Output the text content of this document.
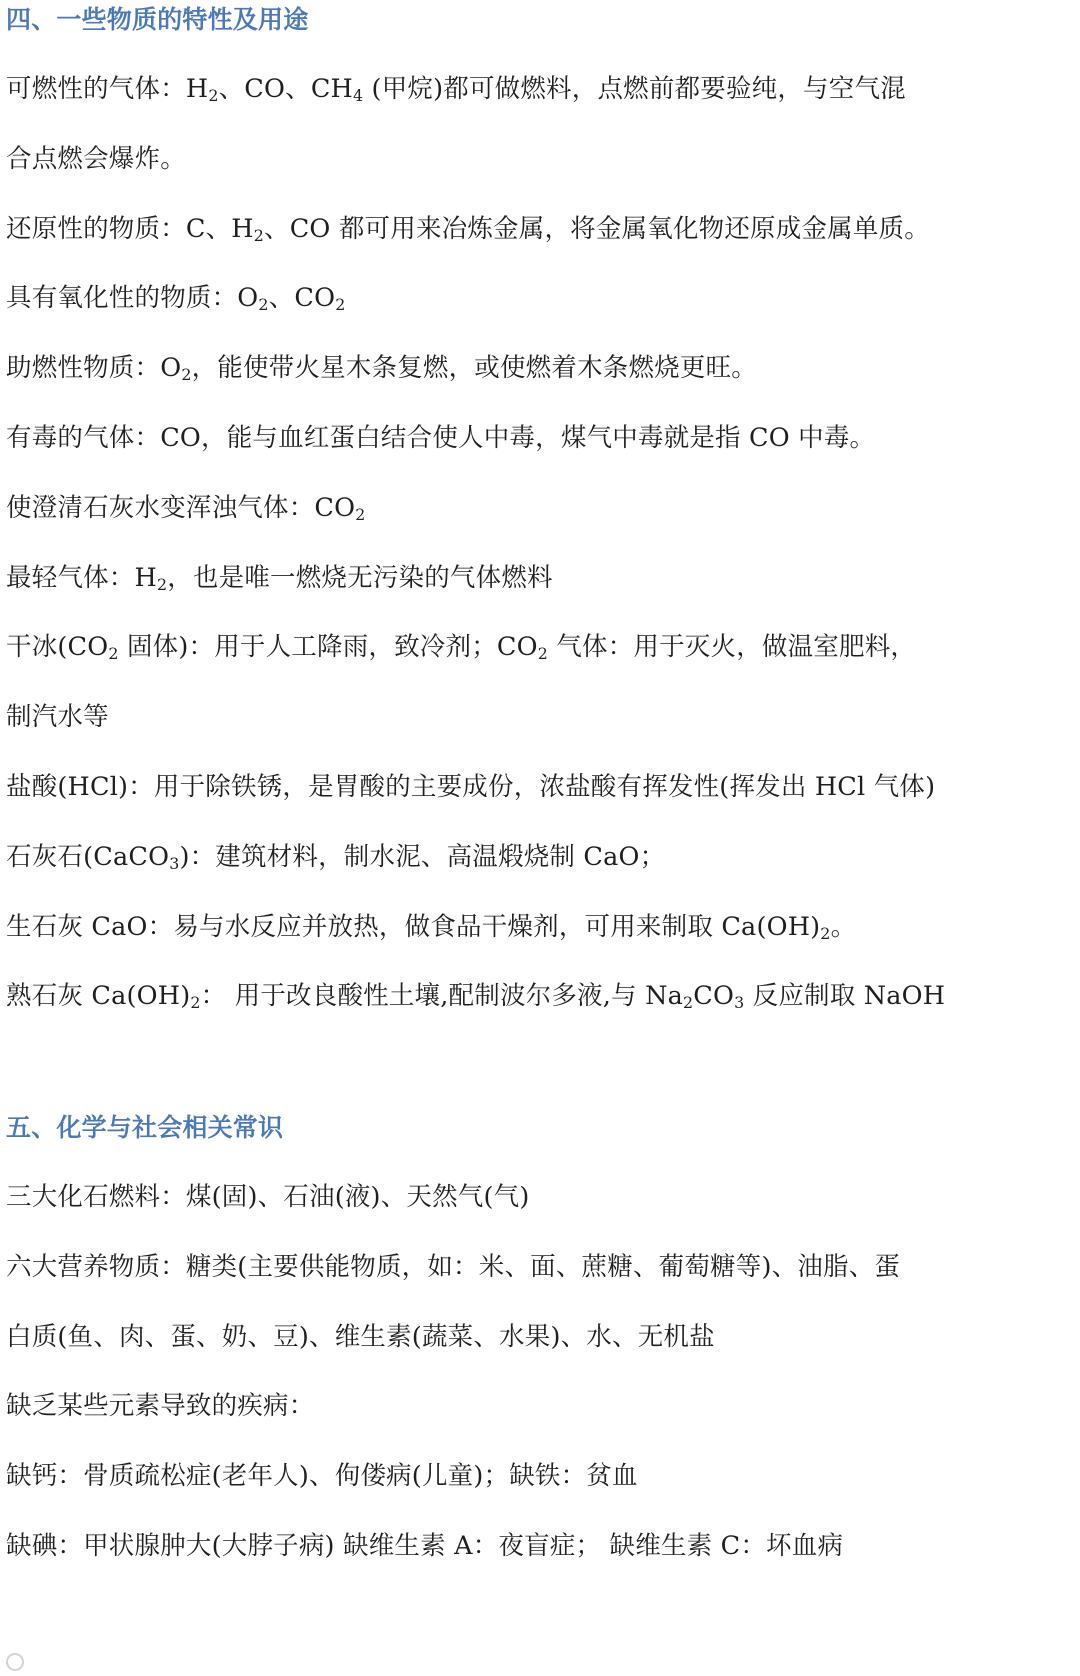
四、一些物质的特性及用途
可燃性的气体：$H_2$、CO、$CH_4$ (甲烷)都可做燃料，点燃前都要验纯，与空气混
合点燃会爆炸。
还原性的物质：C、$H_2$、CO 都可用来冶炼金属，将金属氧化物还原成金属单质。
具有氧化性的物质：$O_2$、$CO_2$
助燃性物质：$O_2$，能使带火星木条复燃，或使燃着木条燃烧更旺。
有毒的气体：CO，能与血红蛋白结合使人中毒，煤气中毒就是指 CO 中毒。
使澄清石灰水变浑浊气体：$CO_2$
最轻气体：$H_2$，也是唯一燃烧无污染的气体燃料
干冰($CO_2$ 固体)：用于人工降雨，致冷剂；$CO_2$ 气体：用于灭火，做温室肥料，
制汽水等
盐酸(HCl)：用于除铁锈，是胃酸的主要成份，浓盐酸有挥发性(挥发出 HCl 气体)
石灰石(CaCO$_3$)：建筑材料，制水泥、高温煅烧制 CaO；
生石灰 CaO：易与水反应并放热，做食品干燥剂，可用来制取 $Ca(OH)_2$。
熟石灰 $Ca(OH)_2$： 用于改良酸性土壤,配制波尔多液,与 $Na_2CO_3$ 反应制取 NaOH
五、化学与社会相关常识
三大化石燃料：煤(固)、石油(液)、天然气(气)
六大营养物质：糖类(主要供能物质，如：米、面、蔗糖、葡萄糖等)、油脂、蛋
白质(鱼、肉、蛋、奶、豆)、维生素(蔬菜、水果)、水、无机盐
缺乏某些元素导致的疾病：
缺钙：骨质疏松症(老年人)、佝偻病(儿童)；缺铁：贫血
缺碘：甲状腺肿大(大脖子病) 缺维生素 A：夜盲症； 缺维生素 C：坏血病
